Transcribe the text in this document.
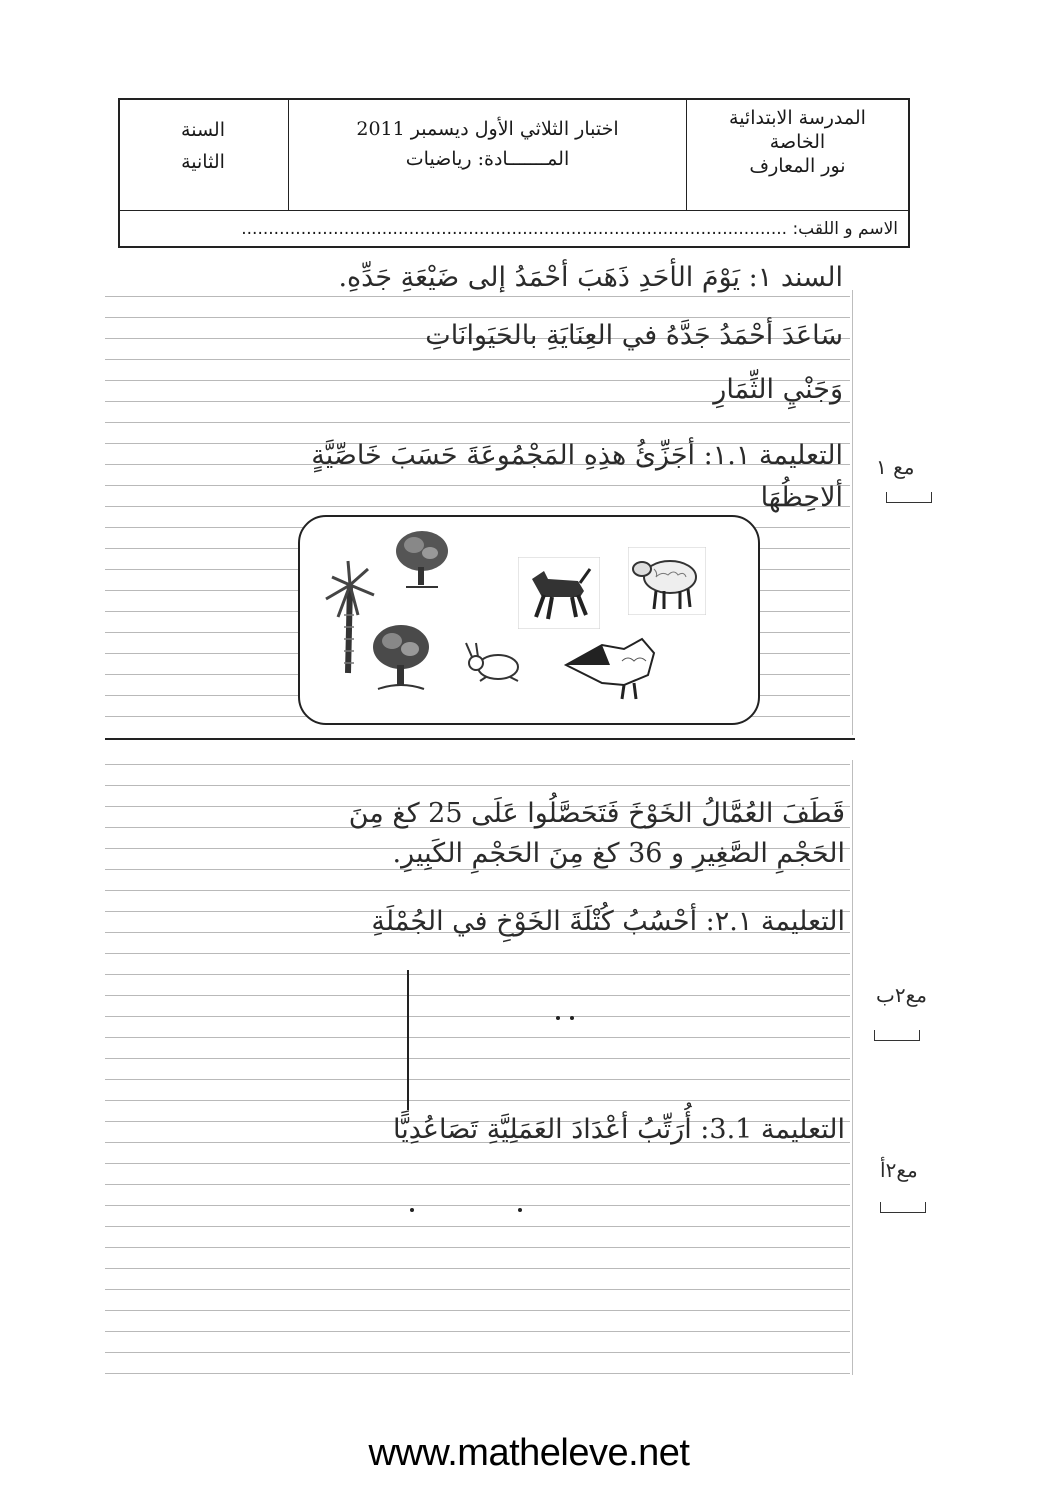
المدرسة الابتدائية
الخاصة
نور المعارف
اختبار الثلاثي الأول ديسمبر 2011
المـــــــادة: رياضيات
السنة
الثانية
الاسم و اللقب: .....................................................................................................
السند ١: يَوْمَ الأحَدِ ذَهَبَ أحْمَدُ إلى ضَيْعَةِ جَدِّهِ.
سَاعَدَ أحْمَدُ جَدَّهُ في العِنَايَةِ بالحَيَوانَاتِ
وَجَنْيِ الثِّمَارِ
التعليمة ١.١: أجَزِّئُ هذِهِ المَجْمُوعَةَ حَسَبَ خَاصِّيَّةٍ
ألاحِظُهَا
مع ١
قَطَفَ العُمَّالُ الخَوْخَ فَتَحَصَّلُوا عَلَى 25 كغ مِنَ
الحَجْمِ الصَّغِيرِ و 36 كغ مِنَ الحَجْمِ الكَبِيرِ.
التعليمة ٢.١: أحْسُبُ كُتْلَةَ الخَوْخِ في الجُمْلَةِ
مع٢ب
التعليمة 3.1: أُرَتِّبُ أعْدَادَ العَمَلِيَّةِ تَصَاعُدِيًّا
مع٢أ
www.matheleve.net
